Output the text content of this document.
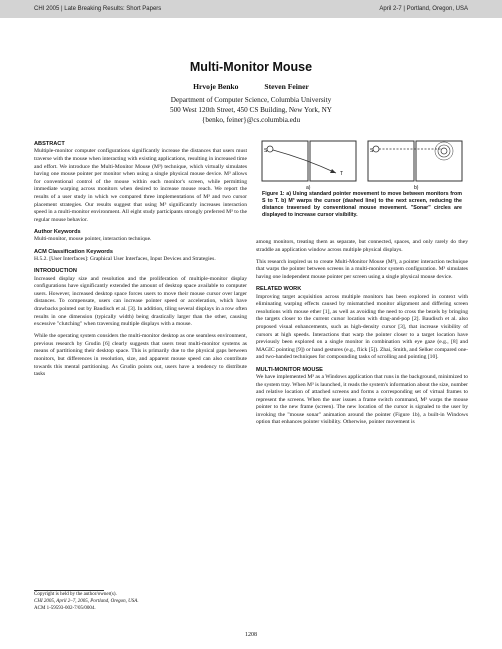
CHI 2005 | Late Breaking Results: Short Papers	April 2-7 | Portland, Oregon, USA
Multi-Monitor Mouse
Hrvoje Benko	Steven Feiner
Department of Computer Science, Columbia University
500 West 120th Street, 450 CS Building, New York, NY
{benko, feiner}@cs.columbia.edu
ABSTRACT

Multiple-monitor computer configurations significantly increase the distances that users must traverse with the mouse when interacting with existing applications, resulting in increased time and effort. We introduce the Multi-Monitor Mouse (M³) technique, which virtually simulates having one mouse pointer per monitor when using a single physical mouse device. M³ allows for conventional control of the mouse within each monitor's screen, while permitting immediate warping across monitors when desired to increase mouse reach. We report the results of a user study in which we compared three implementations of M³ and two cursor placement strategies. Our results suggest that using M³ significantly increases interaction speed in a multi-monitor environment. All eight study participants strongly preferred M³ to the regular mouse behavior.

Author Keywords

Multi-monitor, mouse pointer, interaction technique.

ACM Classification Keywords

H.5.2. [User Interfaces]: Graphical User Interfaces, Input Devices and Strategies.

INTRODUCTION

Increased display size and resolution and the proliferation of multiple-monitor display configurations have significantly extended the amount of desktop space available to computer users. However, increased desktop space forces users to move their mouse cursor over larger distances. To compensate, users can increase pointer speed or acceleration, which have drawbacks pointed out by Baudisch et al. [3]. In addition, tiling several displays in a row often results in one dimension (typically width) being drastically larger than the other, causing excessive "clutching" when traversing multiple displays with a mouse.

While the operating system considers the multi-monitor desktop as one seamless environment, previous research by Grudin [6] clearly suggests that users treat multi-monitor systems as means of partitioning their desktop space. This is primarily due to the physical gaps between monitors, but differences in resolution, size, and apparent mouse speed can also contribute towards this mental partitioning. As Grudin points out, users have a tendency to distribute tasks

Copyright is held by the author/owner(s).
CHI 2005, April 2–7, 2005, Portland, Oregon, USA.
ACM 1-59593-002-7/05/0004.
S
T
a)
S
b)
Figure 1: a) Using standard pointer movement to move between monitors from S to T. b) M³ warps the cursor (dashed line) to the next screen, reducing the distance traversed by conventional mouse movement. "Sonar" circles are displayed to increase cursor visibility.

among monitors, treating them as separate, but connected, spaces, and only rarely do they straddle an application window across multiple physical displays.

This research inspired us to create Multi-Monitor Mouse (M³), a pointer interaction technique that warps the pointer between screens in a multi-monitor system configuration. M³ simulates having one independent mouse pointer per screen using a single physical mouse device.

RELATED WORK

Improving target acquisition across multiple monitors has been explored in context with eliminating warping effects caused by mismatched monitor alignment and differing screen resolutions with mouse ether [1], as well as avoiding the need to cross the bezels by bringing the targets closer to the current cursor location with drag-and-pop [2]. Baudisch et al. also proposed visual enhancements, such as high-density cursor [3], that increase visibility of cursors at high speeds. Interactions that warp the pointer closer to a target location have previously been explored on a single monitor in combination with eye gaze (e.g., [8] and MAGIC pointing [9]) or hand gestures (e.g., flick [5]). Zhai, Smith, and Selker compared one- and two-handed techniques for compounding tasks of scrolling and pointing [10].

MULTI-MONITOR MOUSE

We have implemented M³ as a Windows application that runs in the background, minimized to the system tray. When M³ is launched, it reads the system's information about the size, number and relative location of attached screens and forms a corresponding set of virtual frames to represent the screens. When the user issues a frame switch command, M³ warps the mouse pointer to the new frame (screen). The new location of the cursor is signaled to the user by invoking the "mouse sonar" animation around the pointer (Figure 1b), a built-in Windows option that enhances pointer visibility. Otherwise, pointer movement is

1208
